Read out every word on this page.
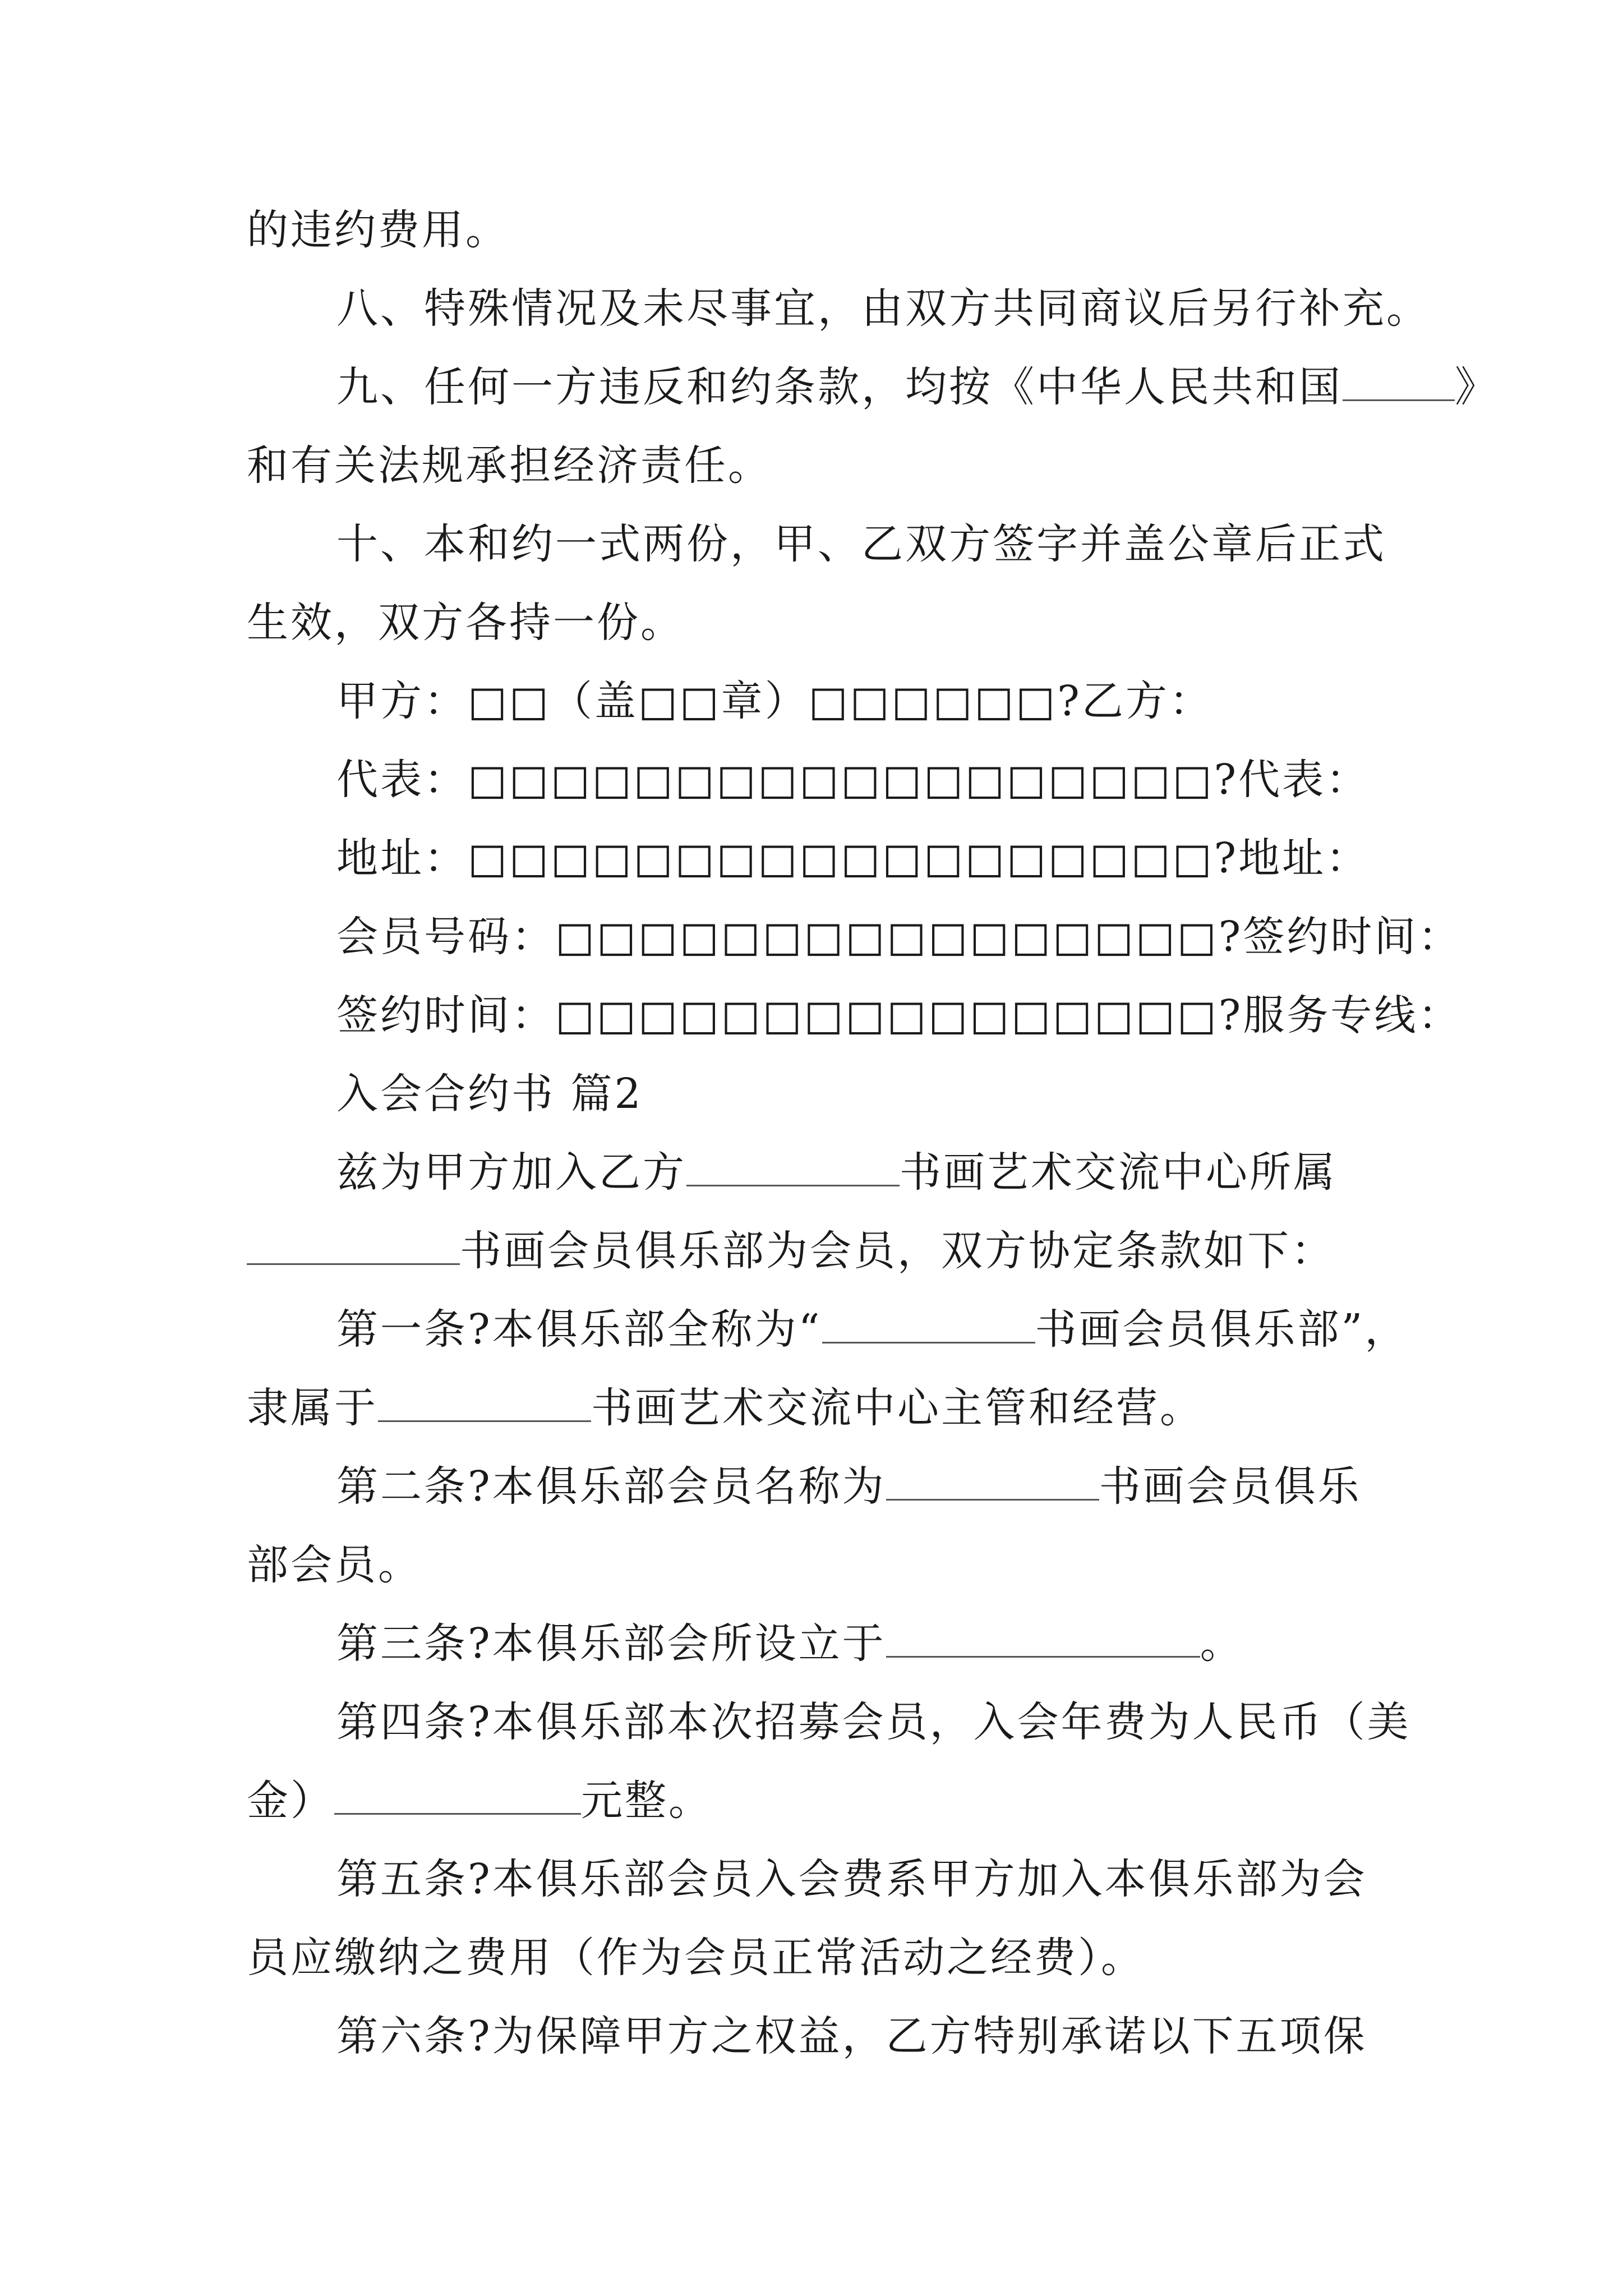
的违约费用。
八、特殊情况及未尽事宜，由双方共同商议后另行补充。
九、任何一方违反和约条款，均按《中华人民共和国	》
和有关法规承担经济责任。
十、本和约一式两份，甲、乙双方签字并盖公章后正式
生效，双方各持一份。
甲方：□□（盖□□章）□□□□□□?乙方：
代表：□□□□□□□□□□□□□□□□□□?代表：
地址：□□□□□□□□□□□□□□□□□□?地址：
会员号码：□□□□□□□□□□□□□□□□?签约时间：
签约时间：□□□□□□□□□□□□□□□□?服务专线：
入会合约书 篇2
兹为甲方加入乙方	书画艺术交流中心所属
书画会员俱乐部为会员，双方协定条款如下：
第一条?本俱乐部全称为“	书画会员俱乐部”，
隶属于	书画艺术交流中心主管和经营。
第二条?本俱乐部会员名称为	书画会员俱乐
部会员。
第三条?本俱乐部会所设立于	。
第四条?本俱乐部本次招募会员，入会年费为人民币（美
金）	元整。
第五条?本俱乐部会员入会费系甲方加入本俱乐部为会
员应缴纳之费用（作为会员正常活动之经费）。
第六条?为保障甲方之权益，乙方特别承诺以下五项保
